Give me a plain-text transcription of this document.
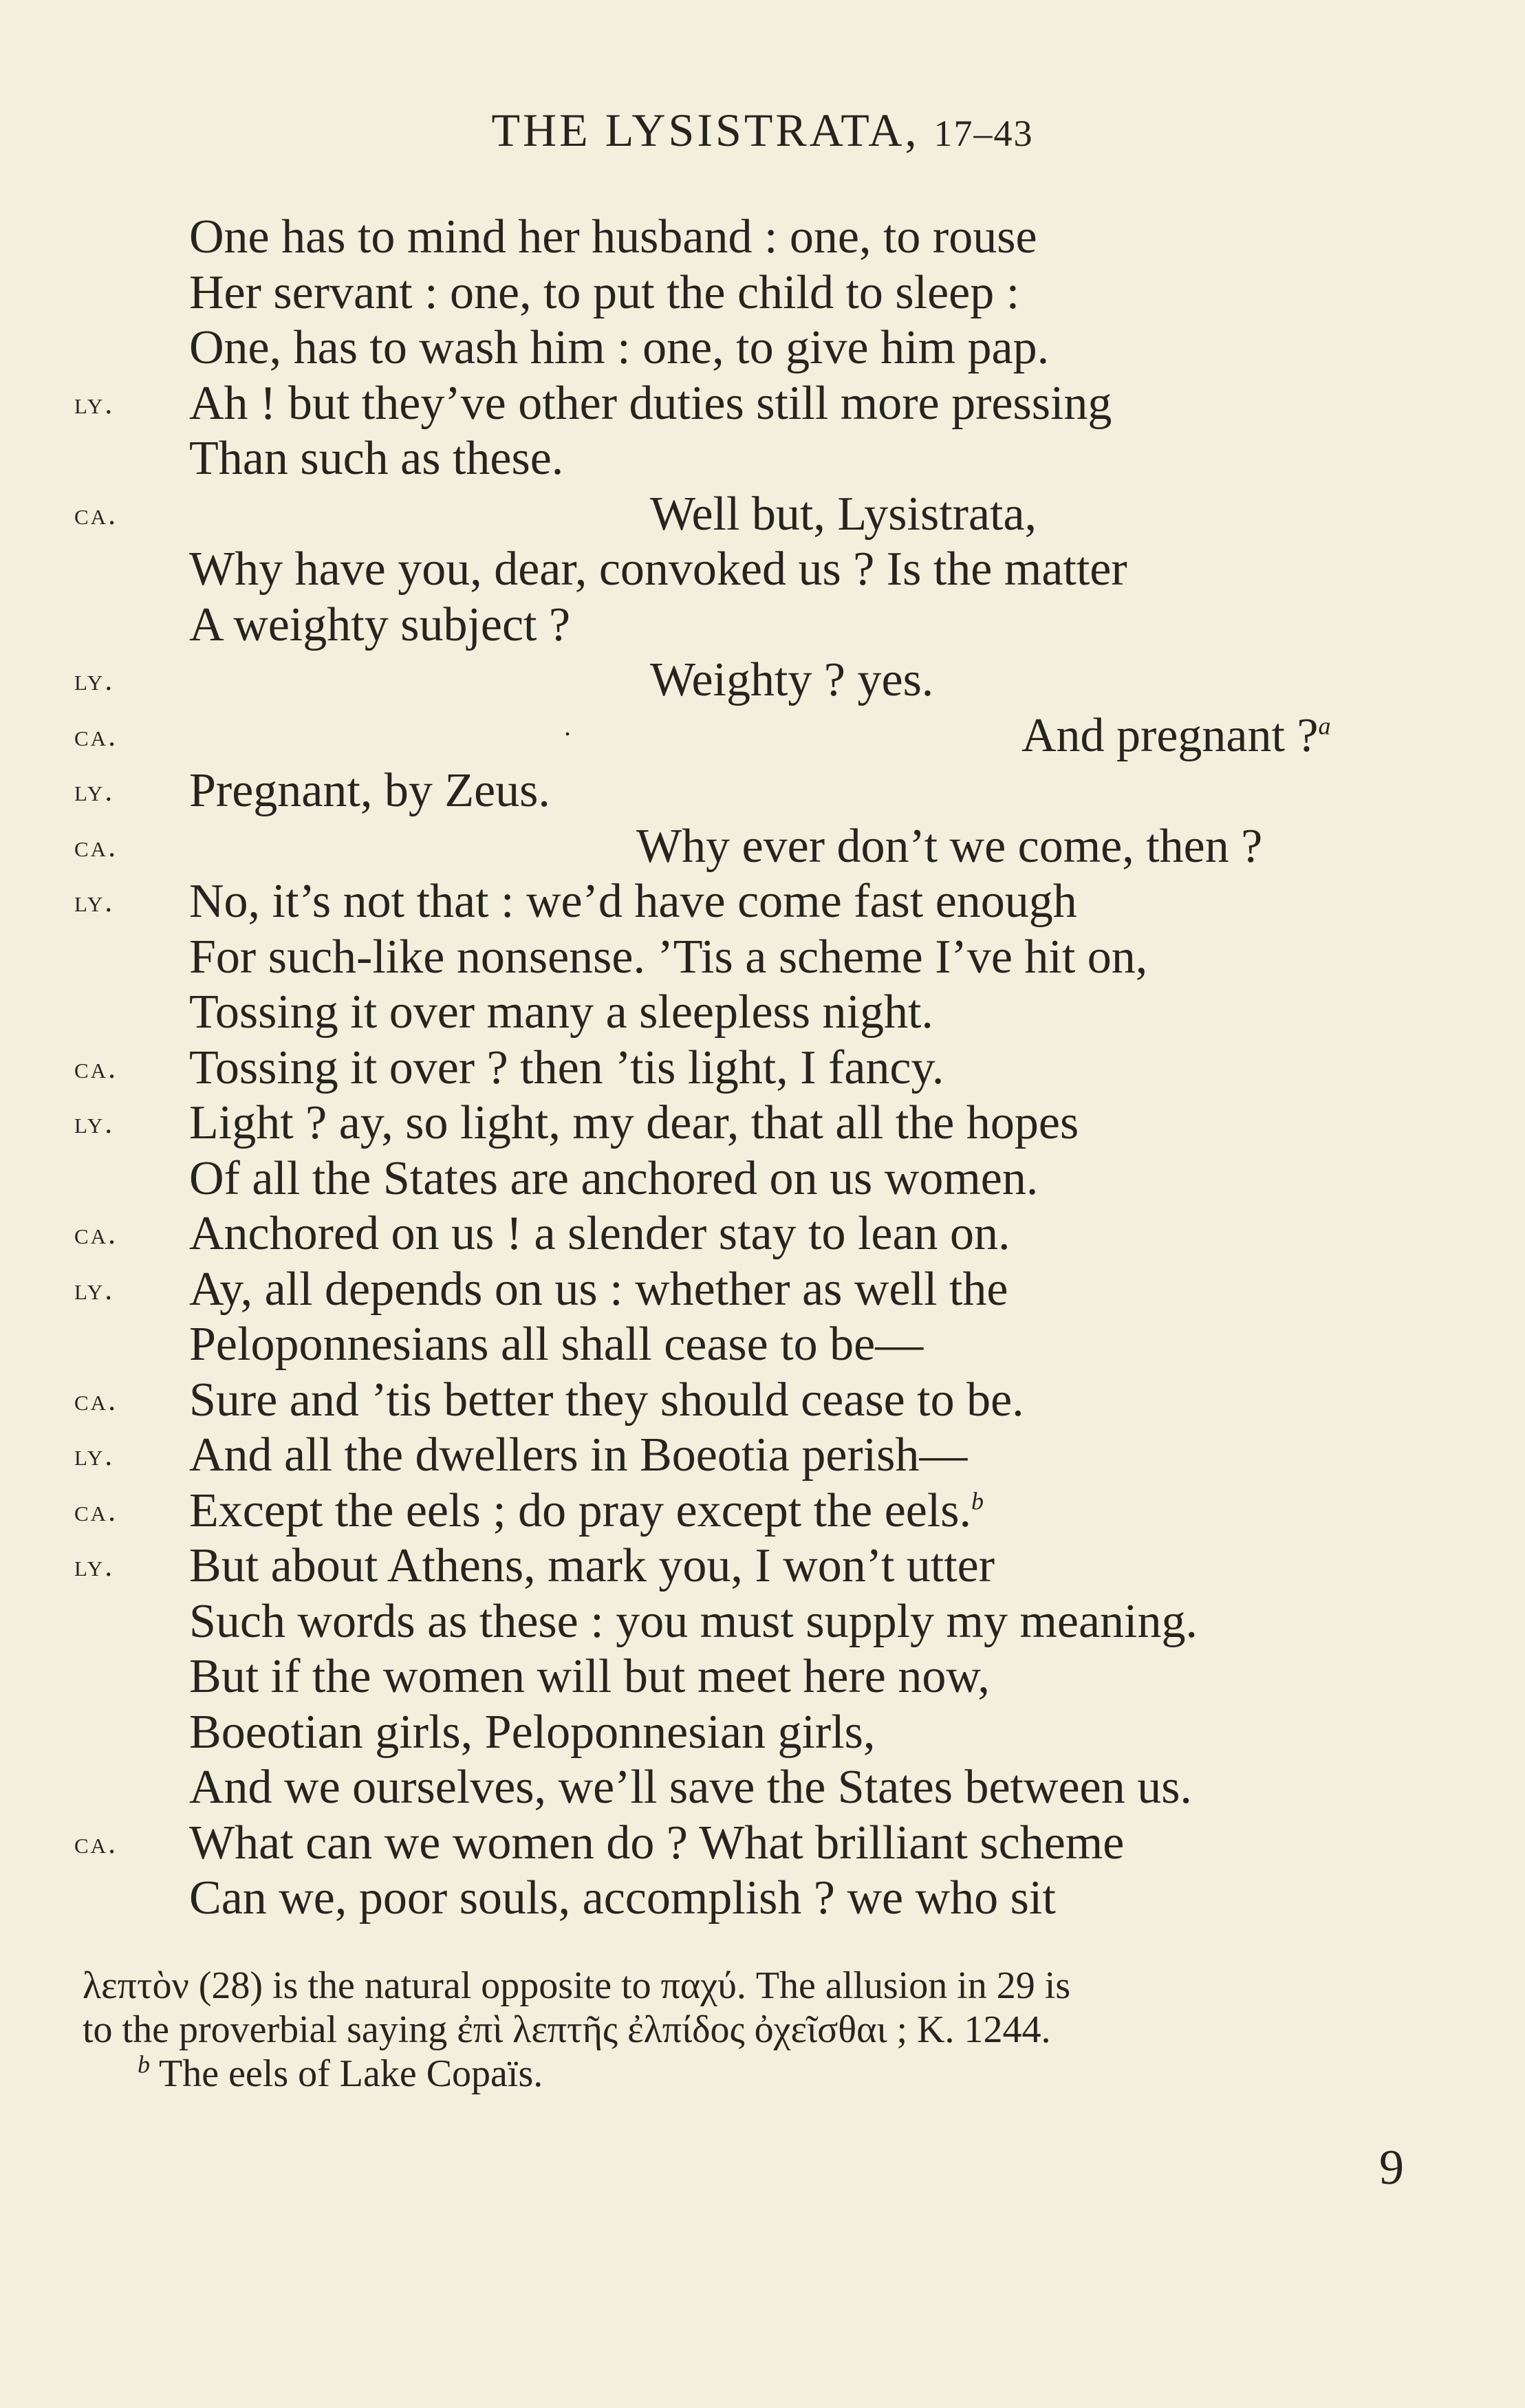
THE LYSISTRATA, 17–43
One has to mind her husband : one, to rouse
Her servant : one, to put the child to sleep :
One, has to wash him : one, to give him pap.
ly. Ah ! but they’ve other duties still more pressing
Than such as these.
ca.	Well but, Lysistrata,
Why have you, dear, convoked us ? Is the matter
A weighty subject ?
ly.	Weighty ? yes.
ca.	And pregnant ?$^a$
ly. Pregnant, by Zeus.
ca.	Why ever don’t we come, then ?
ly. No, it’s not that : we’d have come fast enough
For such-like nonsense. ’Tis a scheme I’ve hit on,
Tossing it over many a sleepless night.
ca. Tossing it over ? then ’tis light, I fancy.
ly. Light ? ay, so light, my dear, that all the hopes
Of all the States are anchored on us women.
ca. Anchored on us ! a slender stay to lean on.
ly. Ay, all depends on us : whether as well the
Peloponnesians all shall cease to be—
ca. Sure and ’tis better they should cease to be.
ly. And all the dwellers in Boeotia perish—
ca. Except the eels ; do pray except the eels.$^b$
ly. But about Athens, mark you, I won’t utter
Such words as these : you must supply my meaning.
But if the women will but meet here now,
Boeotian girls, Peloponnesian girls,
And we ourselves, we’ll save the States between us.
ca. What can we women do ? What brilliant scheme
Can we, poor souls, accomplish ? we who sit
.
λεπτὸν (28) is the natural opposite to παχύ. The allusion in 29 is
to the proverbial saying ἐπὶ λεπτῆς ἐλπίδος ὀχεῖσθαι ; K. 1244.
$^b$ The eels of Lake Copaïs.
9
